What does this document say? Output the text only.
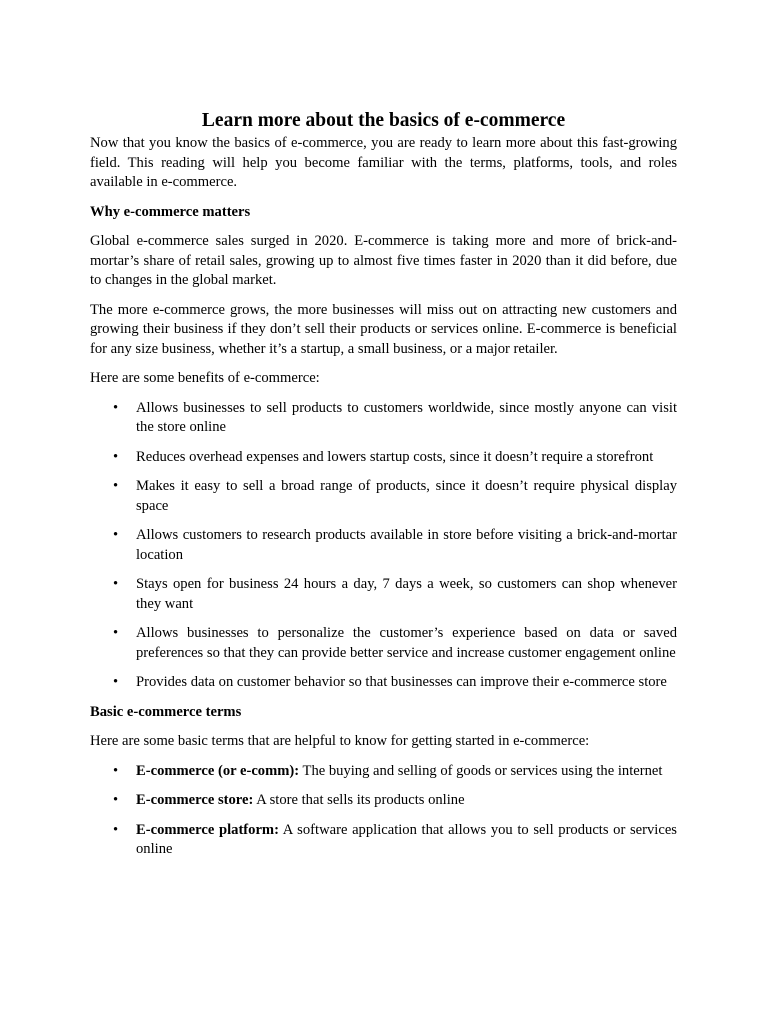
Learn more about the basics of e-commerce

Now that you know the basics of e-commerce, you are ready to learn more about this fast-growing field. This reading will help you become familiar with the terms, platforms, tools, and roles available in e-commerce.

Why e-commerce matters

Global e-commerce sales surged in 2020. E-commerce is taking more and more of brick-and-mortar’s share of retail sales, growing up to almost five times faster in 2020 than it did before, due to changes in the global market.

The more e-commerce grows, the more businesses will miss out on attracting new customers and growing their business if they don’t sell their products or services online. E-commerce is beneficial for any size business, whether it’s a startup, a small business, or a major retailer.

Here are some benefits of e-commerce:

•	Allows businesses to sell products to customers worldwide, since mostly anyone can visit the store online
•	Reduces overhead expenses and lowers startup costs, since it doesn’t require a storefront
•	Makes it easy to sell a broad range of products, since it doesn’t require physical display space
•	Allows customers to research products available in store before visiting a brick-and-mortar location
•	Stays open for business 24 hours a day, 7 days a week, so customers can shop whenever they want
•	Allows businesses to personalize the customer’s experience based on data or saved preferences so that they can provide better service and increase customer engagement online
•	Provides data on customer behavior so that businesses can improve their e-commerce store

Basic e-commerce terms

Here are some basic terms that are helpful to know for getting started in e-commerce:

•	E-commerce (or e-comm): The buying and selling of goods or services using the internet
•	E-commerce store: A store that sells its products online
•	E-commerce platform: A software application that allows you to sell products or services online
